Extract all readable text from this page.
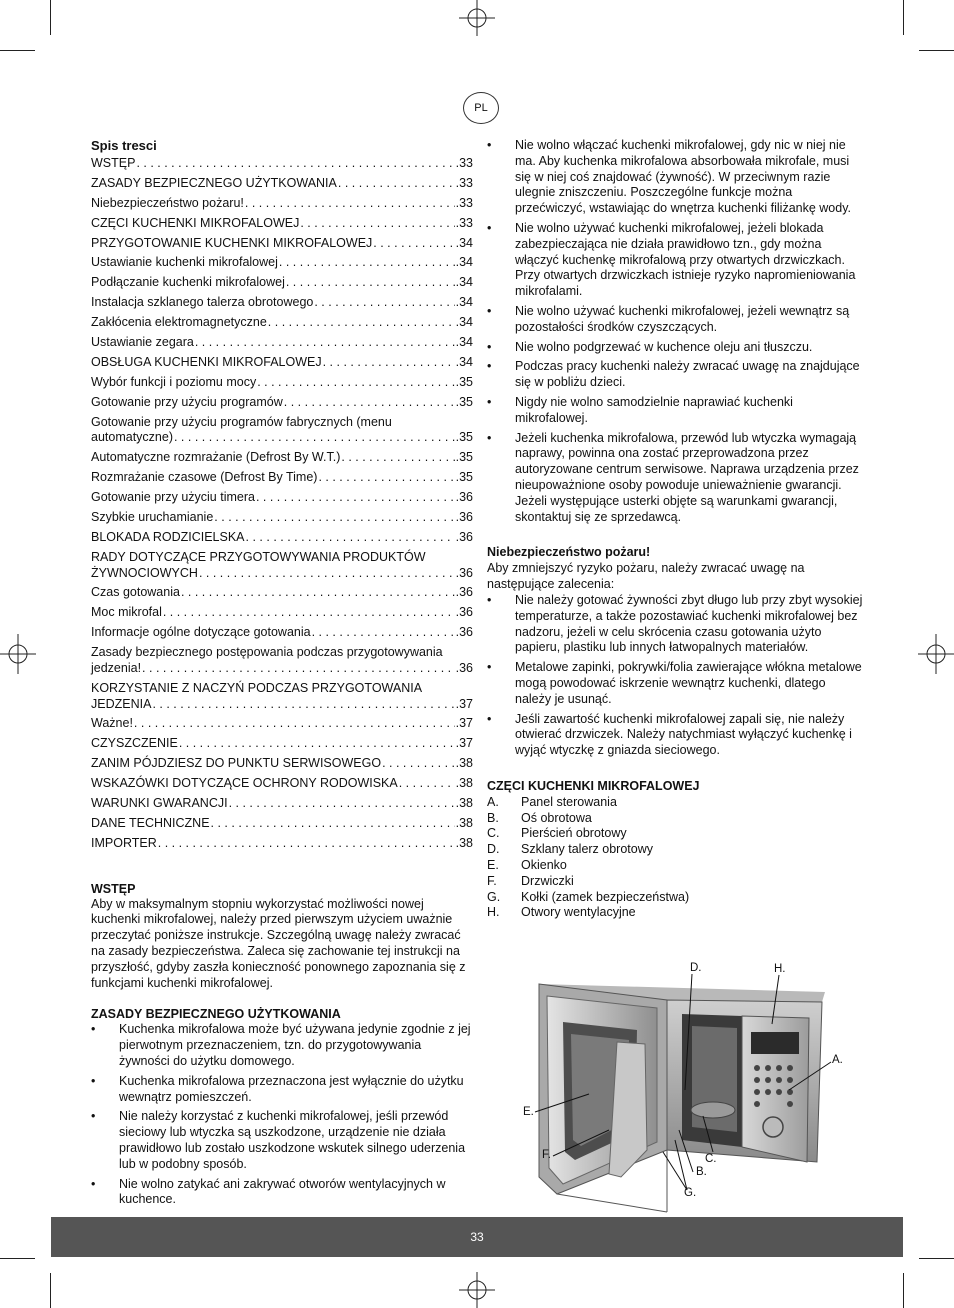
PL
Spis tresci
WSTĘP . . .	.33
ZASADY BEZPIECZNEGO UŻYTKOWANIA . . .	.33
Niebezpieczeństwo pożaru! . . .	.33
CZĘCI KUCHENKI MIKROFALOWEJ . . .	.33
PRZYGOTOWANIE KUCHENKI MIKROFALOWEJ . . .	.34
Ustawianie kuchenki mikrofalowej . . .	.34
Podłączanie kuchenki mikrofalowej . . .	.34
Instalacja szklanego talerza obrotowego . . .	.34
Zakłócenia elektromagnetyczne . . .	.34
Ustawianie zegara . . .	.34
OBSŁUGA KUCHENKI MIKROFALOWEJ . . .	.34
Wybór funkcji i poziomu mocy . . .	.35
Gotowanie przy użyciu programów . . .	.35
Gotowanie przy użyciu programów fabrycznych (menu
automatyczne) . . .	.35
Automatyczne rozmrażanie (Defrost By W.T.) . . .	.35
Rozmrażanie czasowe (Defrost By Time) . . .	.35
Gotowanie przy użyciu timera . . .	.36
Szybkie uruchamianie . . .	.36
BLOKADA RODZICIELSKA . . .	.36
RADY DOTYCZĄCE PRZYGOTOWYWANIA PRODUKTÓW
ŻYWNOCIOWYCH . . .	.36
Czas gotowania . . .	.36
Moc mikrofal . . .	.36
Informacje ogólne dotyczące gotowania . . .	.36
Zasady bezpiecznego postępowania podczas przygotowywania
jedzenia! . . .	.36
KORZYSTANIE Z NACZYŃ PODCZAS PRZYGOTOWANIA
JEDZENIA . . .	.37
Ważne! . . .	.37
CZYSZCZENIE . . .	.37
ZANIM PÓJDZIESZ DO PUNKTU SERWISOWEGO . . .	.38
WSKAZÓWKI DOTYCZĄCE OCHRONY RODOWISKA . . .	.38
WARUNKI GWARANCJI . . .	.38
DANE TECHNICZNE . . .	.38
IMPORTER . . .	.38
WSTĘP

Aby w maksymalnym stopniu wykorzystać możliwości nowej kuchenki mikrofalowej, należy przed pierwszym użyciem uważnie przeczytać poniższe instrukcje. Szczególną uwagę należy zwracać na zasady bezpieczeństwa. Zaleca się zachowanie tej instrukcji na przyszłość, gdyby zaszła konieczność ponownego zapoznania się z funkcjami kuchenki mikrofalowej.

ZASADY BEZPIECZNEGO UŻYTKOWANIA
• Kuchenka mikrofalowa może być używana jedynie zgodnie z jej pierwotnym przeznaczeniem, tzn. do przygotowywania żywności do użytku domowego.
• Kuchenka mikrofalowa przeznaczona jest wyłącznie do użytku wewnątrz pomieszczeń.
• Nie należy korzystać z kuchenki mikrofalowej, jeśli przewód sieciowy lub wtyczka są uszkodzone, urządzenie nie działa prawidłowo lub zostało uszkodzone wskutek silnego uderzenia lub w podobny sposób.
• Nie wolno zatykać ani zakrywać otworów wentylacyjnych w kuchence.
• Nie wolno włączać kuchenki mikrofalowej, gdy nic w niej nie ma. Aby kuchenka mikrofalowa absorbowała mikrofale, musi się w niej coś znajdować (żywność). W przeciwnym razie ulegnie zniszczeniu. Poszczególne funkcje można przećwiczyć, wstawiając do wnętrza kuchenki filiżankę wody.
• Nie wolno używać kuchenki mikrofalowej, jeżeli blokada zabezpieczająca nie działa prawidłowo tzn., gdy można włączyć kuchenkę mikrofalową przy otwartych drzwiczkach. Przy otwartych drzwiczkach istnieje ryzyko napromieniowania mikrofalami.
• Nie wolno używać kuchenki mikrofalowej, jeżeli wewnątrz są pozostałości środków czyszczących.
• Nie wolno podgrzewać w kuchence oleju ani tłuszczu.
• Podczas pracy kuchenki należy zwracać uwagę na znajdujące się w pobliżu dzieci.
• Nigdy nie wolno samodzielnie naprawiać kuchenki mikrofalowej.
• Jeżeli kuchenka mikrofalowa, przewód lub wtyczka wymagają naprawy, powinna ona zostać przeprowadzona przez autoryzowane centrum serwisowe. Naprawa urządzenia przez nieupoważnione osoby powoduje unieważnienie gwarancji. Jeżeli występujące usterki objęte są warunkami gwarancji, skontaktuj się ze sprzedawcą.
Niebezpieczeństwo pożaru!

Aby zmniejszyć ryzyko pożaru, należy zwracać uwagę na następujące zalecenia:

• Nie należy gotować żywności zbyt długo lub przy zbyt wysokiej temperaturze, a także pozostawiać kuchenki mikrofalowej bez nadzoru, jeżeli w celu skrócenia czasu gotowania użyto papieru, plastiku lub innych łatwopalnych materiałów.
• Metalowe zapinki, pokrywki/folia zawierające włókna metalowe mogą powodować iskrzenie wewnątrz kuchenki, dlatego należy je usunąć.
• Jeśli zawartość kuchenki mikrofalowej zapali się, nie należy otwierać drzwiczek. Należy natychmiast wyłączyć kuchenkę i wyjąć wtyczkę z gniazda sieciowego.
CZĘCI KUCHENKI MIKROFALOWEJ
A.	Panel sterowania
B.	Oś obrotowa
C.	Pierścień obrotowy
D.	Szklany talerz obrotowy
E.	Okienko
F.	Drzwiczki
G.	Kołki (zamek bezpieczeństwa)
H.	Otwory wentylacyjne
D.	H.
A.
E.
F.	C.
B.
G.
33
